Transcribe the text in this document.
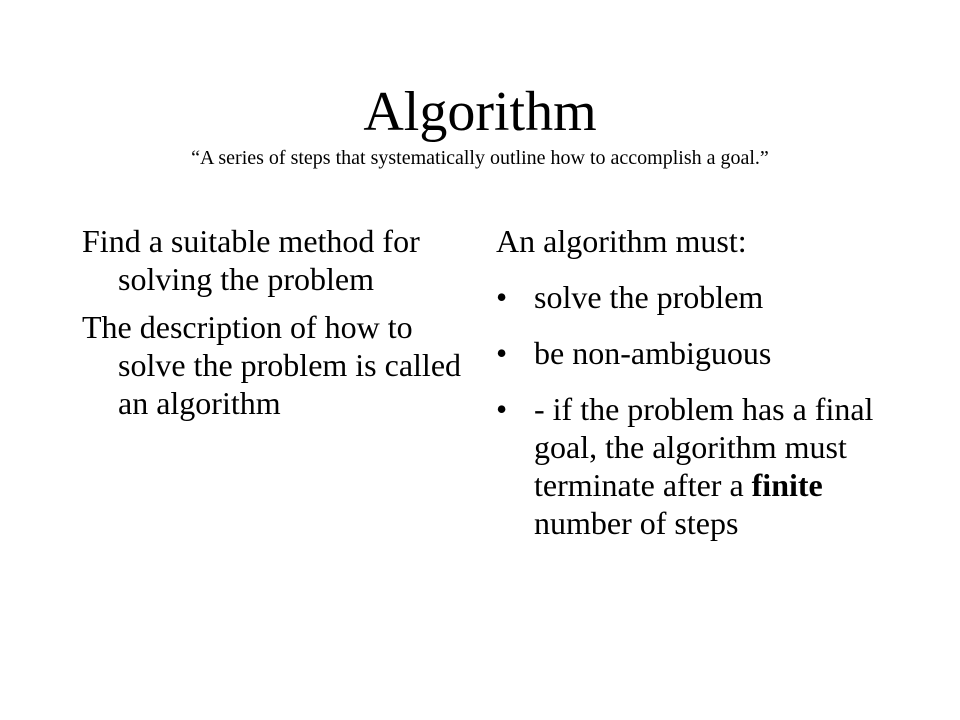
Algorithm
“A series of steps that systematically outline how to accomplish a goal.”

Find a suitable method for solving the problem

The description of how to solve the problem is called an algorithm

An algorithm must:

• solve the problem
• be non-ambiguous
• - if the problem has a final goal, the algorithm must terminate after a finite number of steps
